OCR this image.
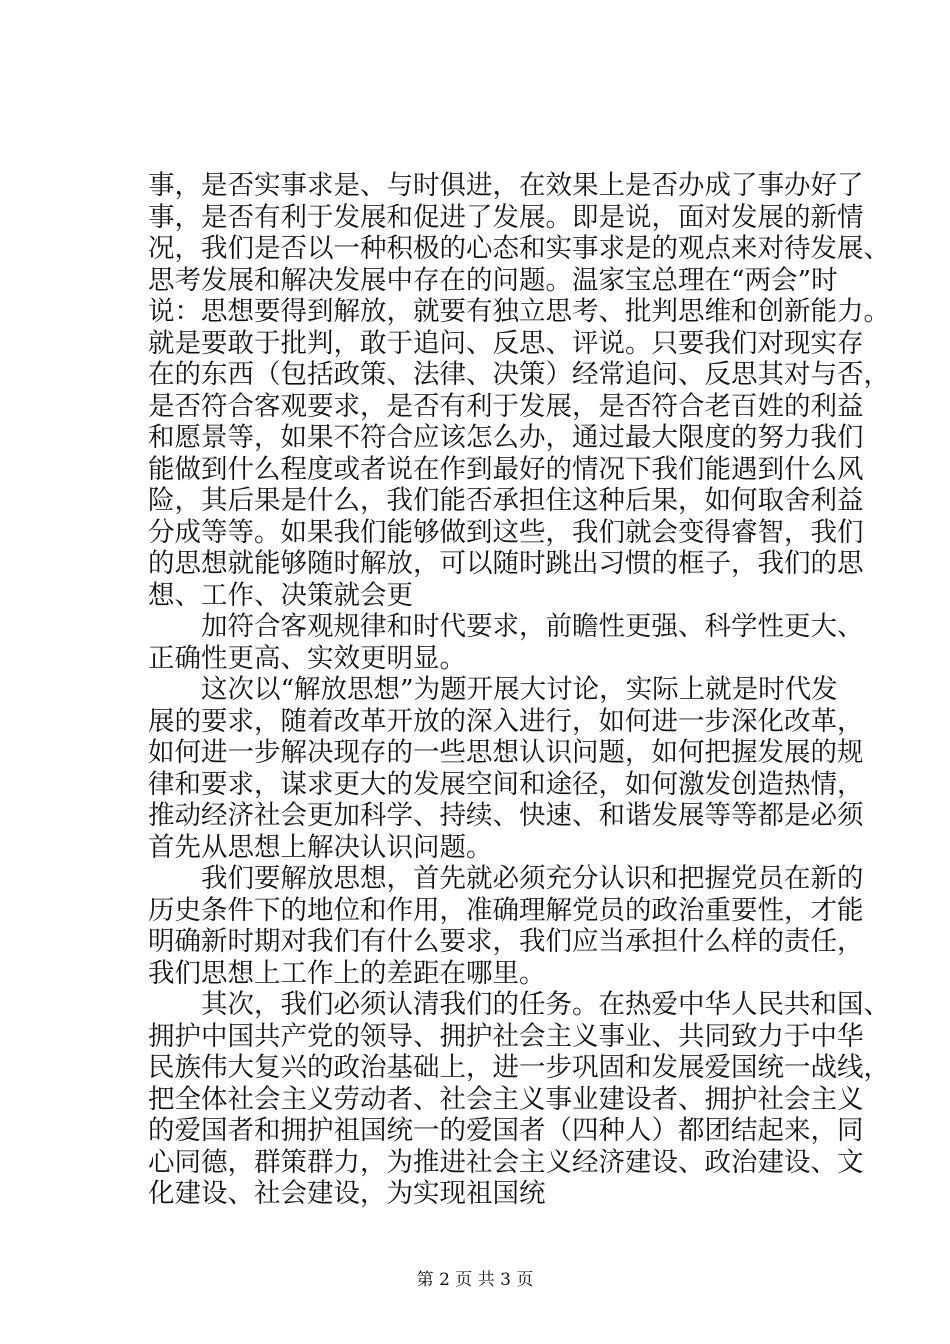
事，是否实事求是、与时俱进，在效果上是否办成了事办好了
事，是否有利于发展和促进了发展。即是说，面对发展的新情
况，我们是否以一种积极的心态和实事求是的观点来对待发展、
思考发展和解决发展中存在的问题。温家宝总理在“两会”时
说：思想要得到解放，就要有独立思考、批判思维和创新能力。
就是要敢于批判，敢于追问、反思、评说。只要我们对现实存
在的东西（包括政策、法律、决策）经常追问、反思其对与否，
是否符合客观要求，是否有利于发展，是否符合老百姓的利益
和愿景等，如果不符合应该怎么办，通过最大限度的努力我们
能做到什么程度或者说在作到最好的情况下我们能遇到什么风
险，其后果是什么，我们能否承担住这种后果，如何取舍利益
分成等等。如果我们能够做到这些，我们就会变得睿智，我们
的思想就能够随时解放，可以随时跳出习惯的框子，我们的思
想、工作、决策就会更
　　加符合客观规律和时代要求，前瞻性更强、科学性更大、
正确性更高、实效更明显。
　　这次以“解放思想”为题开展大讨论，实际上就是时代发
展的要求，随着改革开放的深入进行，如何进一步深化改革，
如何进一步解决现存的一些思想认识问题，如何把握发展的规
律和要求，谋求更大的发展空间和途径，如何激发创造热情，
推动经济社会更加科学、持续、快速、和谐发展等等都是必须
首先从思想上解决认识问题。
　　我们要解放思想，首先就必须充分认识和把握党员在新的
历史条件下的地位和作用，准确理解党员的政治重要性，才能
明确新时期对我们有什么要求，我们应当承担什么样的责任，
我们思想上工作上的差距在哪里。
　　其次，我们必须认清我们的任务。在热爱中华人民共和国、
拥护中国共产党的领导、拥护社会主义事业、共同致力于中华
民族伟大复兴的政治基础上，进一步巩固和发展爱国统一战线，
把全体社会主义劳动者、社会主义事业建设者、拥护社会主义
的爱国者和拥护祖国统一的爱国者（四种人）都团结起来，同
心同德，群策群力，为推进社会主义经济建设、政治建设、文
化建设、社会建设，为实现祖国统
第 2 页 共 3 页
